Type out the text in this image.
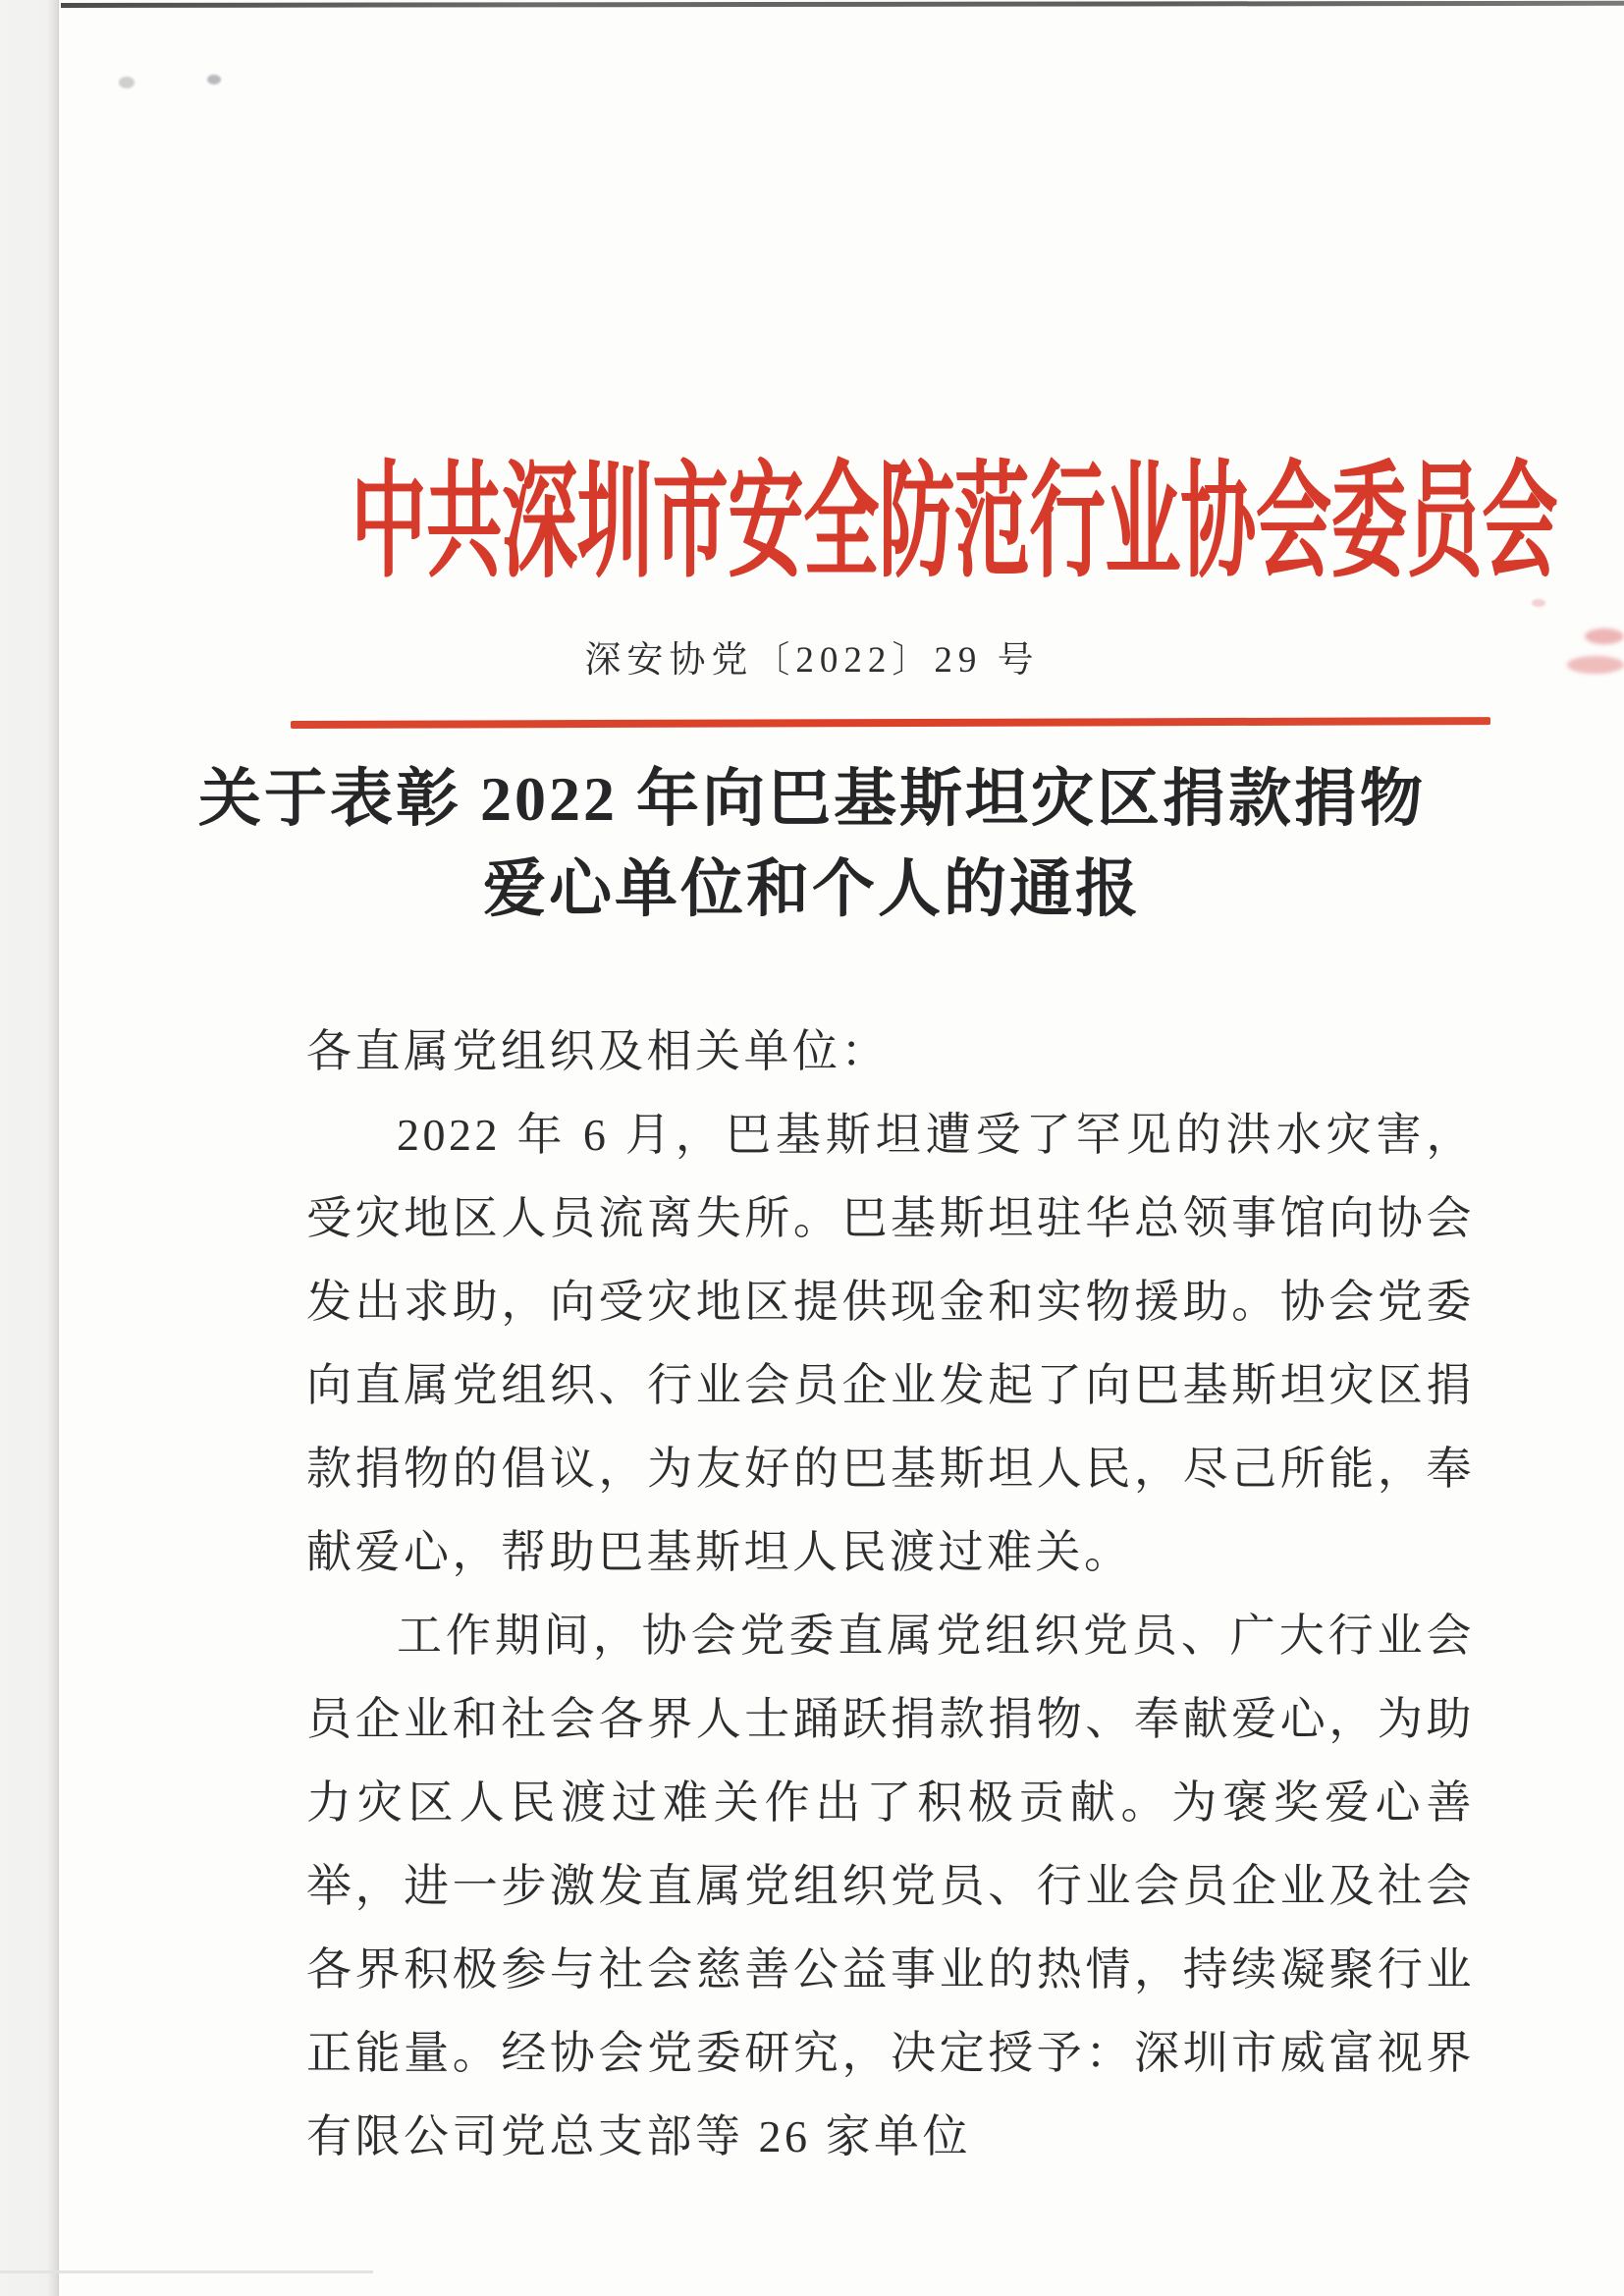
中共深圳市安全防范行业协会委员会
深安协党〔2022〕29 号
关于表彰 2022 年向巴基斯坦灾区捐款捐物
爱心单位和个人的通报

各直属党组织及相关单位：

2022 年 6 月，巴基斯坦遭受了罕见的洪水灾害，受灾地区人员流离失所。巴基斯坦驻华总领事馆向协会发出求助，向受灾地区提供现金和实物援助。协会党委向直属党组织、行业会员企业发起了向巴基斯坦灾区捐款捐物的倡议，为友好的巴基斯坦人民，尽己所能，奉献爱心，帮助巴基斯坦人民渡过难关。

工作期间，协会党委直属党组织党员、广大行业会员企业和社会各界人士踊跃捐款捐物、奉献爱心，为助力灾区人民渡过难关作出了积极贡献。为褒奖爱心善举，进一步激发直属党组织党员、行业会员企业及社会各界积极参与社会慈善公益事业的热情，持续凝聚行业正能量。经协会党委研究，决定授予：深圳市威富视界有限公司党总支部等 26 家单位
